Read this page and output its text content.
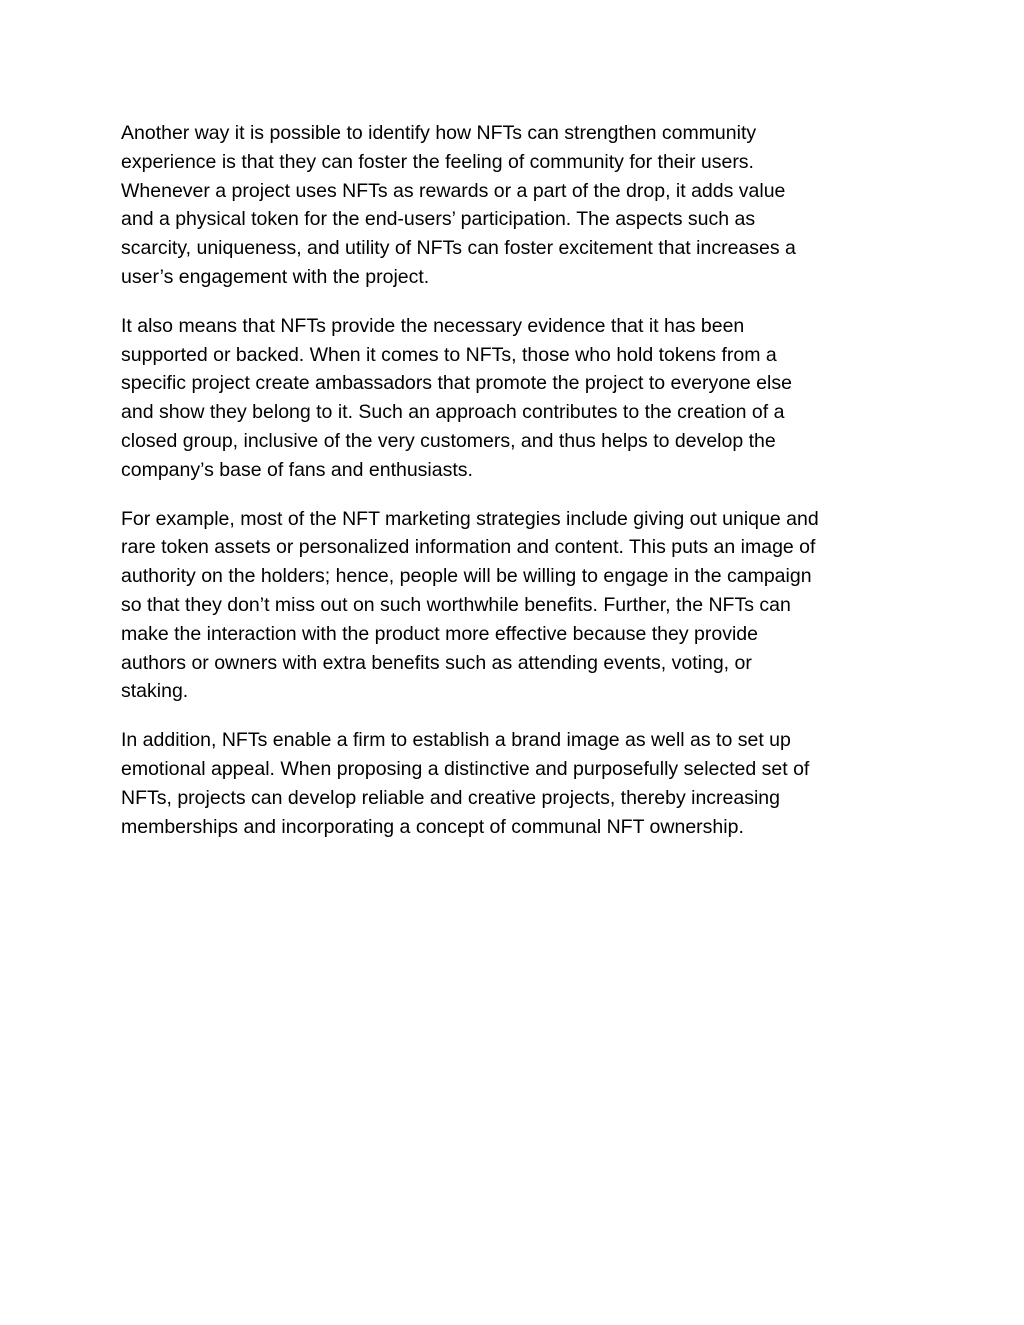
Another way it is possible to identify how NFTs can strengthen community
experience is that they can foster the feeling of community for their users.
Whenever a project uses NFTs as rewards or a part of the drop, it adds value
and a physical token for the end-users’ participation. The aspects such as
scarcity, uniqueness, and utility of NFTs can foster excitement that increases a
user’s engagement with the project.

It also means that NFTs provide the necessary evidence that it has been
supported or backed. When it comes to NFTs, those who hold tokens from a
specific project create ambassadors that promote the project to everyone else
and show they belong to it. Such an approach contributes to the creation of a
closed group, inclusive of the very customers, and thus helps to develop the
company’s base of fans and enthusiasts.

For example, most of the NFT marketing strategies include giving out unique and
rare token assets or personalized information and content. This puts an image of
authority on the holders; hence, people will be willing to engage in the campaign
so that they don’t miss out on such worthwhile benefits. Further, the NFTs can
make the interaction with the product more effective because they provide
authors or owners with extra benefits such as attending events, voting, or
staking.

In addition, NFTs enable a firm to establish a brand image as well as to set up
emotional appeal. When proposing a distinctive and purposefully selected set of
NFTs, projects can develop reliable and creative projects, thereby increasing
memberships and incorporating a concept of communal NFT ownership.
